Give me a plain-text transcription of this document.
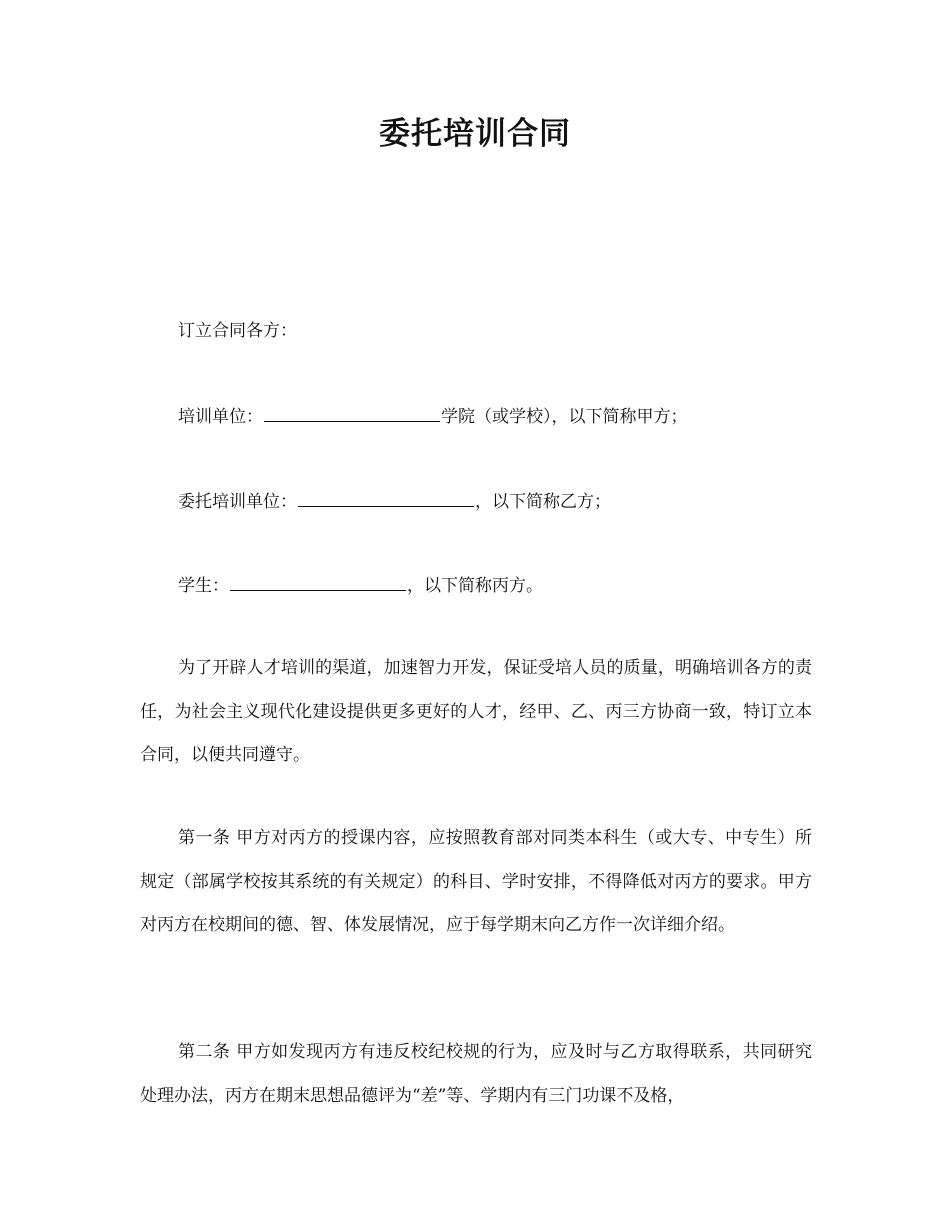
委托培训合同
订立合同各方：
培训单位：	学院（或学校），以下简称甲方；
委托培训单位：	，以下简称乙方；
学生：	，以下简称丙方。

为了开辟人才培训的渠道，加速智力开发，保证受培人员的质量，明确培训各方的责任，为社会主义现代化建设提供更多更好的人才，经甲、乙、丙三方协商一致，特订立本合同，以便共同遵守。

第一条 甲方对丙方的授课内容，应按照教育部对同类本科生（或大专、中专生）所规定（部属学校按其系统的有关规定）的科目、学时安排，不得降低对丙方的要求。甲方对丙方在校期间的德、智、体发展情况，应于每学期末向乙方作一次详细介绍。

第二条 甲方如发现丙方有违反校纪校规的行为，应及时与乙方取得联系，共同研究处理办法，丙方在期末思想品德评为“差”等、学期内有三门功课不及格，
